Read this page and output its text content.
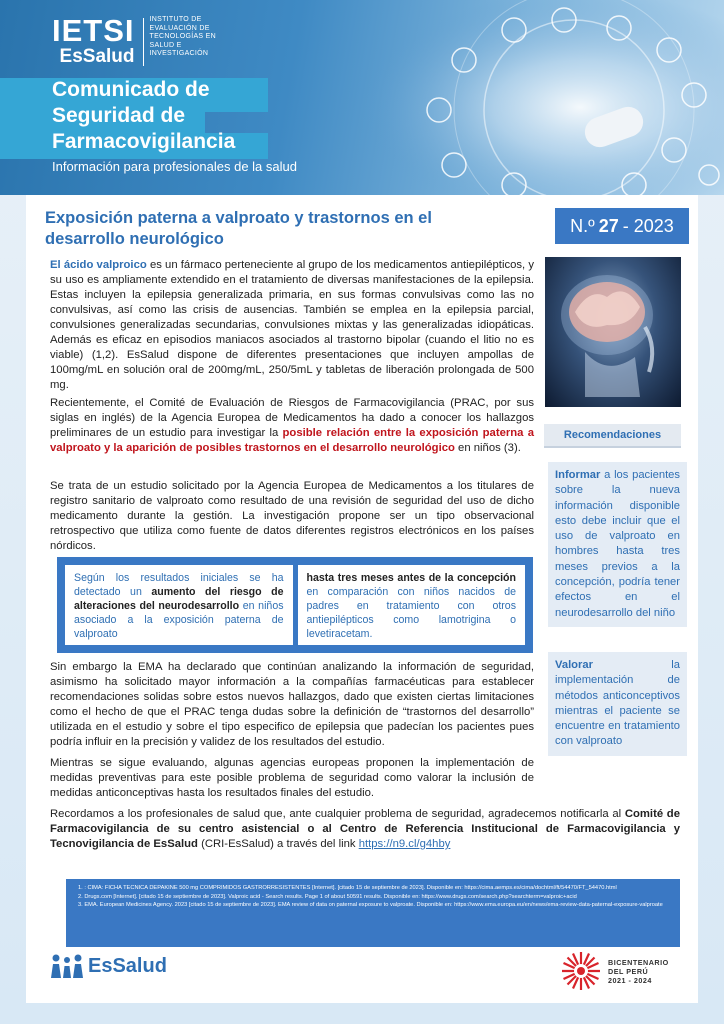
IETSI
EsSalud
INSTITUTO DE EVALUACIÓN DE TECNOLOGÍAS EN SALUD E INVESTIGACIÓN
Comunicado de
Seguridad de
Farmacovigilancia
Información para profesionales de la salud
Exposición paterna a valproato y trastornos en el desarrollo neurológico
N.º 27 - 2023
El ácido valproico es un fármaco perteneciente al grupo de los medicamentos antiepilépticos, y su uso es ampliamente extendido en el tratamiento de diversas manifestaciones de la epilepsia. Estas incluyen la epilepsia generalizada primaria, en sus formas convulsivas como las no convulsivas, así como las crisis de ausencias. También se emplea en la epilepsia parcial, convulsiones generalizadas secundarias, convulsiones mixtas y las generalizadas idiopáticas. Además es eficaz en episodios maniacos asociados al trastorno bipolar (cuando el litio no es viable) (1,2). EsSalud dispone de diferentes presentaciones que incluyen ampollas de 100mg/mL en solución oral de 200mg/mL, 250/5mL y tabletas de liberación prolongada de 500 mg.
Recientemente, el Comité de Evaluación de Riesgos de Farmacovigilancia (PRAC, por sus siglas en inglés) de la Agencia Europea de Medicamentos ha dado a conocer los hallazgos preliminares de un estudio para investigar la posible relación entre la exposición paterna a valproato y la aparición de posibles trastornos en el desarrollo neurológico en niños (3).
Recomendaciones
Informar a los pacientes sobre la nueva información disponible esto debe incluir que el uso de valproato en hombres hasta tres meses previos a la concepción, podría tener efectos en el neurodesarrollo del niño
Se trata de un estudio solicitado por la Agencia Europea de Medicamentos a los titulares de registro sanitario de valproato como resultado de una revisión de seguridad del uso de dicho medicamento durante la gestión. La investigación propone ser un tipo observacional retrospectivo que utiliza como fuente de datos diferentes registros electrónicos en los países nórdicos.
Según los resultados iniciales se ha detectado un aumento del riesgo de alteraciones del neurodesarrollo en niños asociado a la exposición paterna de valproato
hasta tres meses antes de la concepción en comparación con niños nacidos de padres en tratamiento con otros antiepilépticos como lamotrigina o levetiracetam.
Valorar la implementación de métodos anticonceptivos mientras el paciente se encuentre en tratamiento con valproato
Sin embargo la EMA ha declarado que continúan analizando la información de seguridad, asimismo ha solicitado mayor información a la compañías farmacéuticas para establecer recomendaciones solidas sobre estos nuevos hallazgos, dado que existen ciertas limitaciones como el hecho de que el PRAC tenga dudas sobre la definición de “trastornos del desarrollo” utilizada en el estudio y sobre el tipo especifico de epilepsia que padecían los pacientes pues podría influir en la precisión y validez de los resultados del estudio.
Mientras se sigue evaluando, algunas agencias europeas proponen la implementación de medidas preventivas para este posible problema de seguridad como valorar la inclusión de medidas anticonceptivas hasta los resultados finales del estudio.
Recordamos a los profesionales de salud que, ante cualquier problema de seguridad, agradecemos notificarla al Comité de Farmacovigilancia de su centro asistencial o al Centro de Referencia Institucional de Farmacovigilancia y Tecnovigilancia de EsSalud (CRI-EsSalud) a través del link https://n9.cl/g4hby
1. : CIMA: FICHA TECNICA DEPAKINE 500 mg COMPRIMIDOS GASTRORRESISTENTES [Internet]. [citado 15 de septiembre de 2023]. Disponible en: https://cima.aemps.es/cima/dochtml/ft/54470/FT_54470.html
2. Drugs.com [Internet]. [citado 15 de septiembre de 2023]. Valproic acid - Search results. Page 1 of about 50591 results. Disponible en: https://www.drugs.com/search.php?searchterm=valproic+acid
3. EMA. European Medicines Agency. 2023 [citado 15 de septiembre de 2023]. EMA review of data on paternal exposure to valproate. Disponible en: https://www.ema.europa.eu/en/news/ema-review-data-paternal-exposure-valproate
EsSalud	BICENTENARIO
DEL PERÚ
2021 - 2024
